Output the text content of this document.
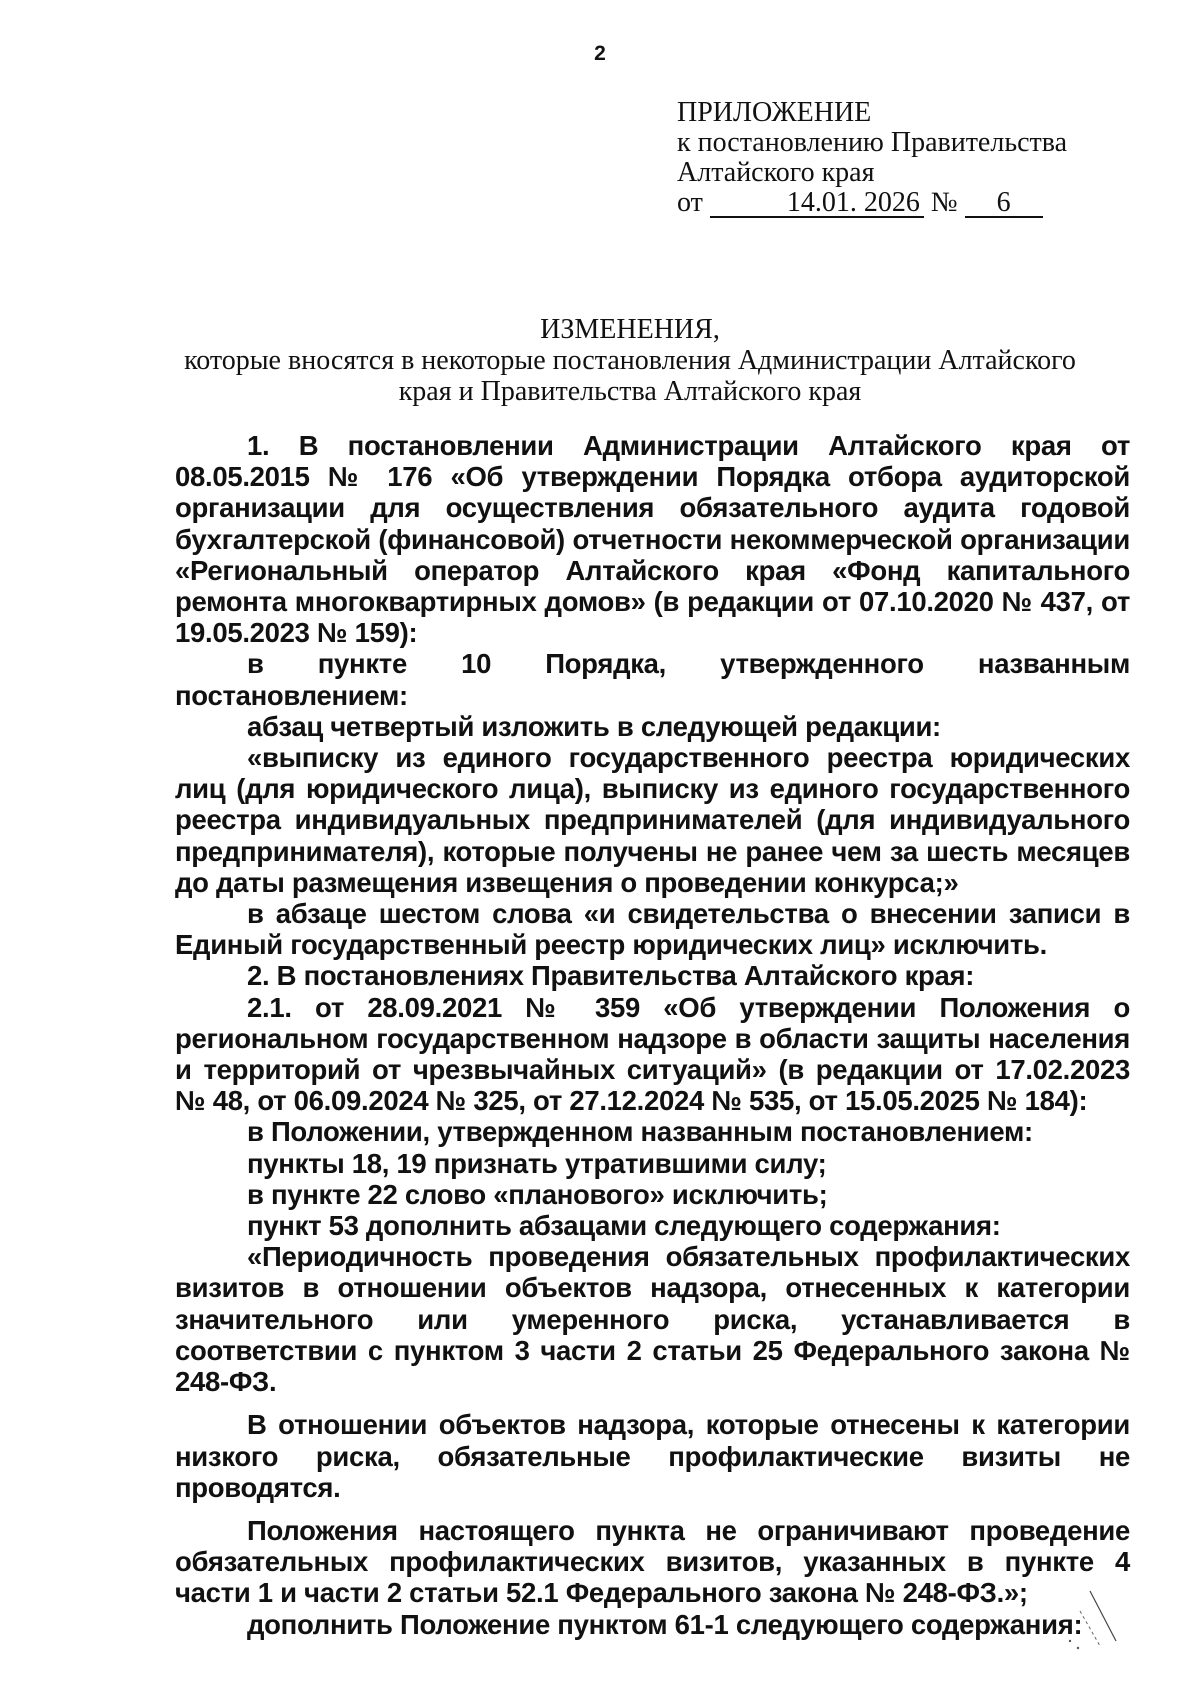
2
ПРИЛОЖЕНИЕ
к постановлению Правительства
Алтайского края
от	14.01. 2026 № 6
ИЗМЕНЕНИЯ,
которые вносятся в некоторые постановления Администрации Алтайского
края и Правительства Алтайского края

1. В постановлении Администрации Алтайского края от 08.05.2015 № 176 «Об утверждении Порядка отбора аудиторской организации для осуществления обязательного аудита годовой бухгалтерской (финансовой) отчетности некоммерческой организации «Региональный оператор Алтайского края «Фонд капитального ремонта многоквартирных домов» (в редакции от 07.10.2020 № 437, от 19.05.2023 № 159):

в пункте 10 Порядка, утвержденного названным постановлением:

абзац четвертый изложить в следующей редакции:

«выписку из единого государственного реестра юридических лиц (для юридического лица), выписку из единого государственного реестра индивидуальных предпринимателей (для индивидуального предпринимателя), которые получены не ранее чем за шесть месяцев до даты размещения извещения о проведении конкурса;»

в абзаце шестом слова «и свидетельства о внесении записи в Единый государственный реестр юридических лиц» исключить.

2. В постановлениях Правительства Алтайского края:

2.1. от 28.09.2021 № 359 «Об утверждении Положения о региональном государственном надзоре в области защиты населения и территорий от чрезвычайных ситуаций» (в редакции от 17.02.2023 № 48, от 06.09.2024 № 325, от 27.12.2024 № 535, от 15.05.2025 № 184):

в Положении, утвержденном названным постановлением:

пункты 18, 19 признать утратившими силу;

в пункте 22 слово «планового» исключить;

пункт 53 дополнить абзацами следующего содержания:

«Периодичность проведения обязательных профилактических визитов в отношении объектов надзора, отнесенных к категории значительного или умеренного риска, устанавливается в соответствии с пунктом 3 части 2 статьи 25 Федерального закона № 248-ФЗ.

В отношении объектов надзора, которые отнесены к категории низкого риска, обязательные профилактические визиты не проводятся.

Положения настоящего пункта не ограничивают проведение обязательных профилактических визитов, указанных в пункте 4 части 1 и части 2 статьи 52.1 Федерального закона № 248-ФЗ.»;

дополнить Положение пунктом 61-1 следующего содержания:
